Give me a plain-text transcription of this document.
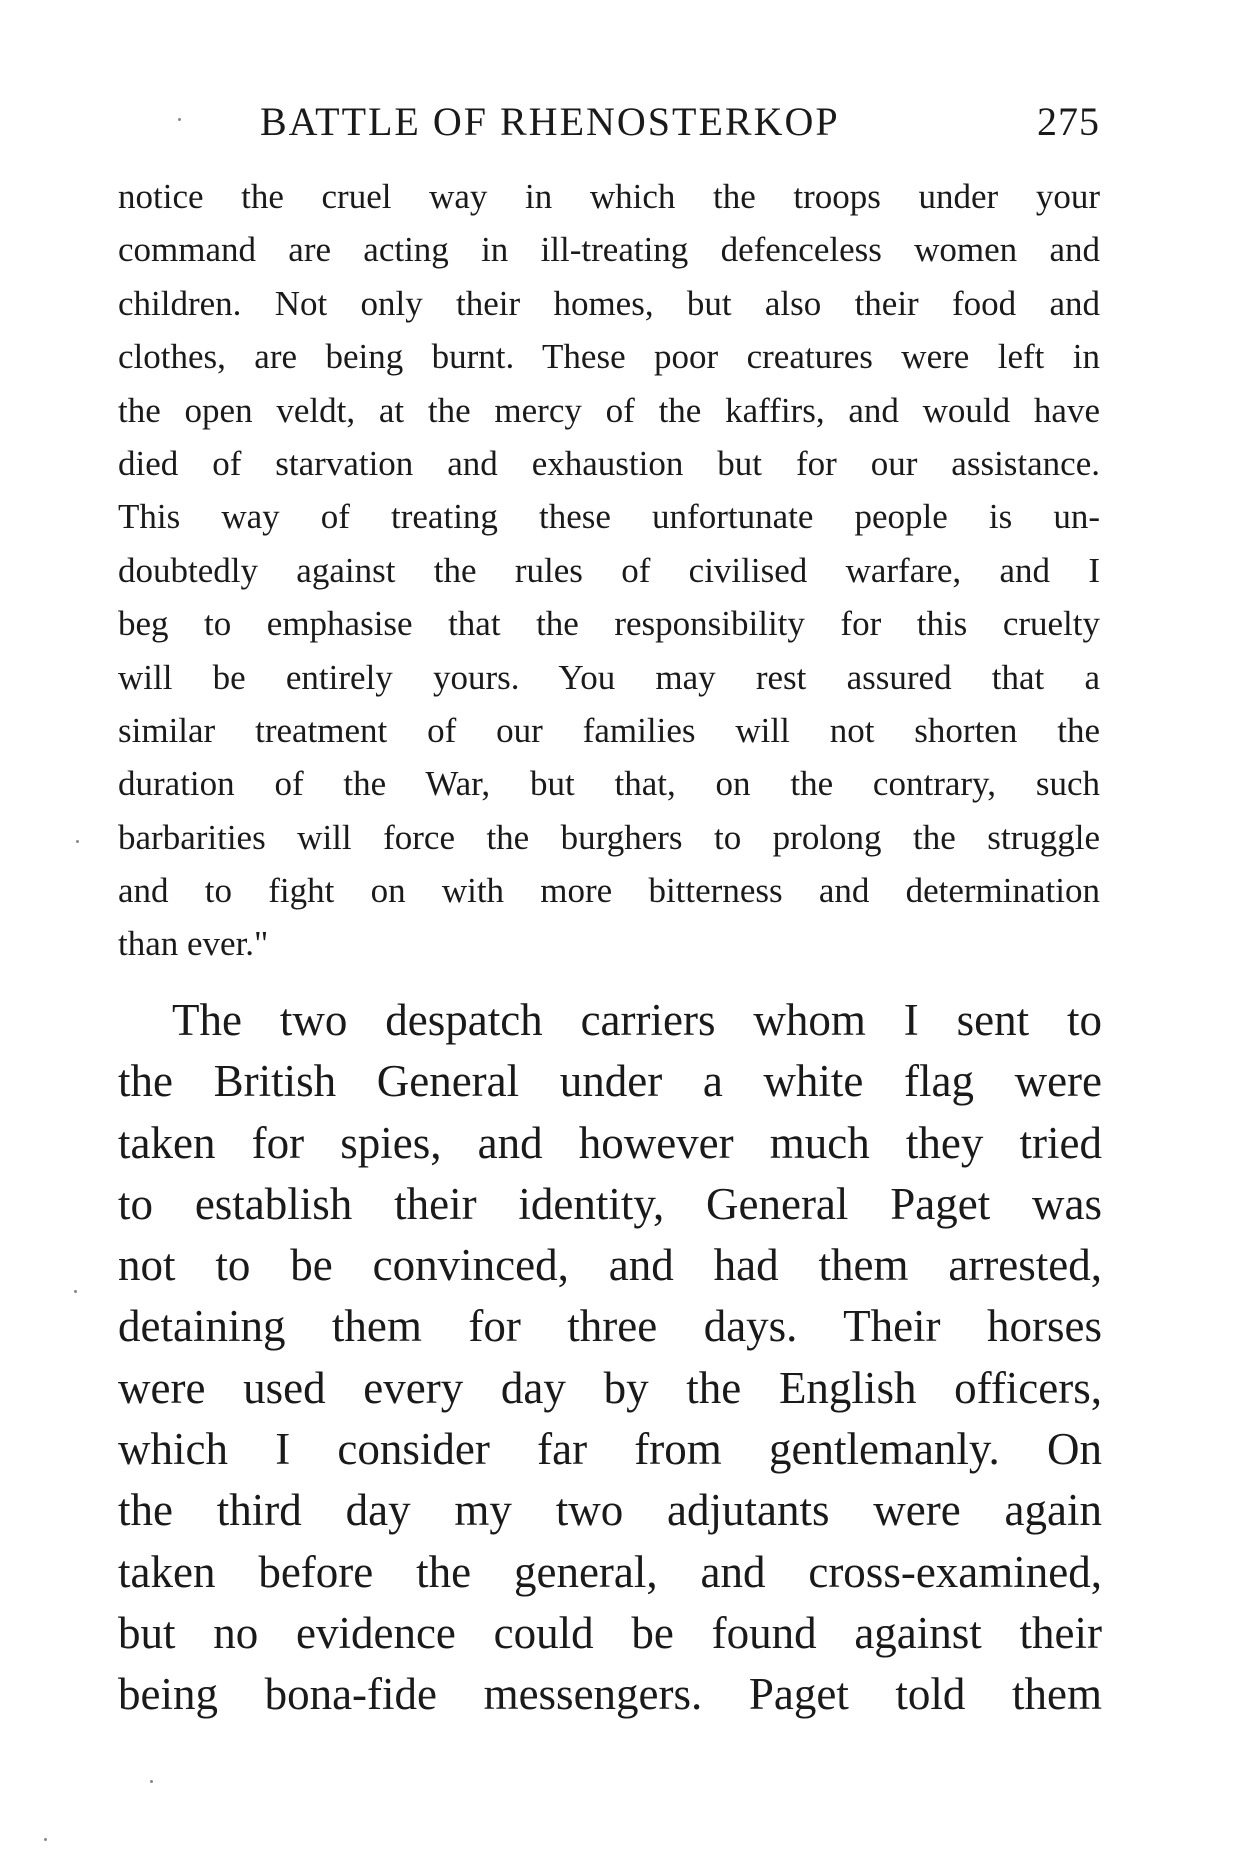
BATTLE OF RHENOSTERKOP	275
notice the cruel way in which the troops under your
command are acting in ill-treating defenceless women and
children. Not only their homes, but also their food and
clothes, are being burnt. These poor creatures were left in
the open veldt, at the mercy of the kaffirs, and would have
died of starvation and exhaustion but for our assistance.
This way of treating these unfortunate people is un-
doubtedly against the rules of civilised warfare, and I
beg to emphasise that the responsibility for this cruelty
will be entirely yours. You may rest assured that a
similar treatment of our families will not shorten the
duration of the War, but that, on the contrary, such
barbarities will force the burghers to prolong the struggle
and to fight on with more bitterness and determination
than ever."
The two despatch carriers whom I sent to
the British General under a white flag were
taken for spies, and however much they tried
to establish their identity, General Paget was
not to be convinced, and had them arrested,
detaining them for three days. Their horses
were used every day by the English officers,
which I consider far from gentlemanly. On
the third day my two adjutants were again
taken before the general, and cross-examined,
but no evidence could be found against their
being bona-fide messengers. Paget told them
